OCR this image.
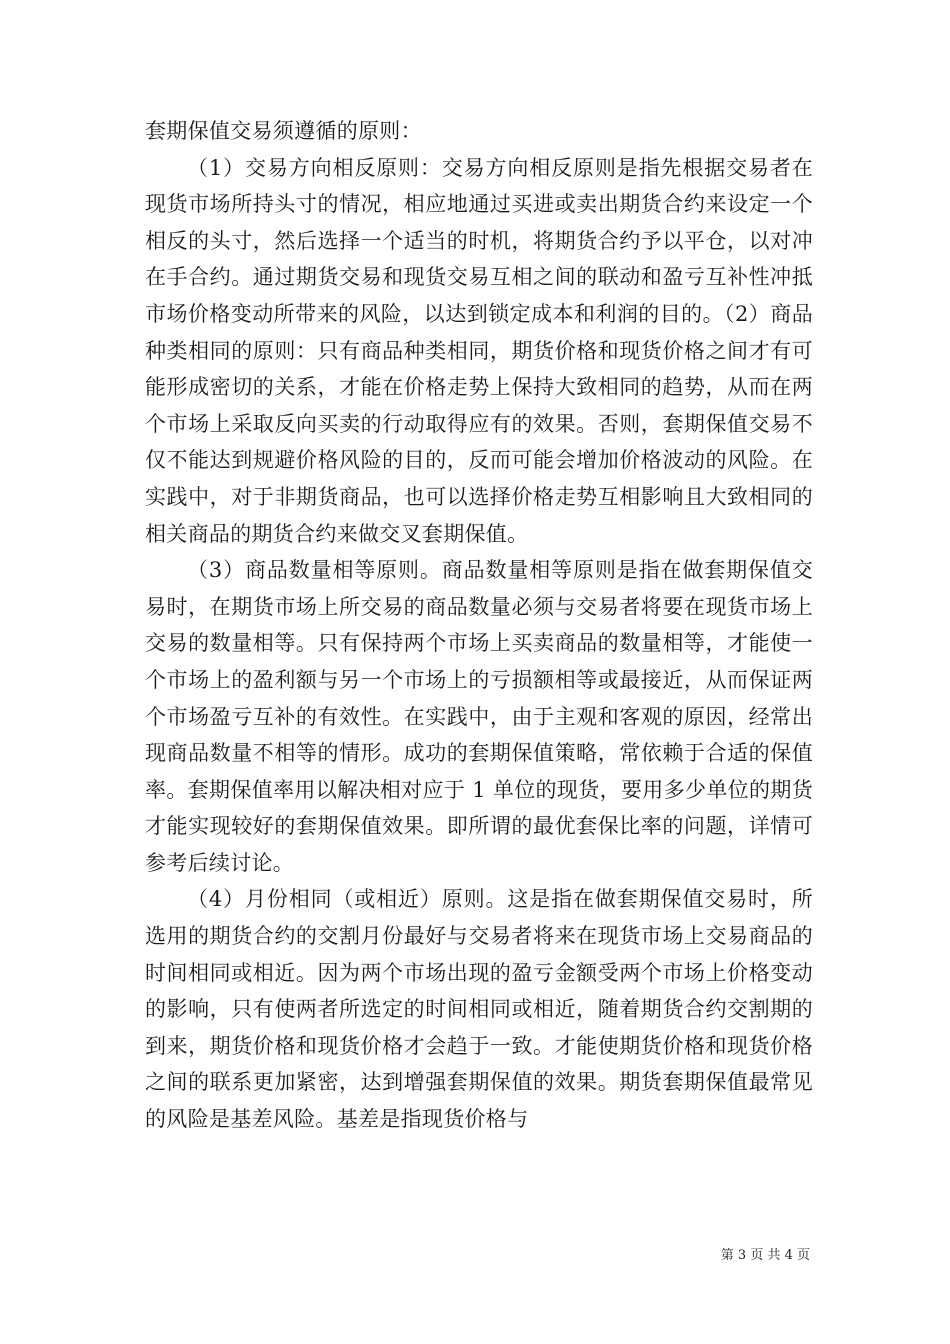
套期保值交易须遵循的原则：

（1）交易方向相反原则：交易方向相反原则是指先根据交易者在现货市场所持头寸的情况，相应地通过买进或卖出期货合约来设定一个相反的头寸，然后选择一个适当的时机，将期货合约予以平仓，以对冲在手合约。通过期货交易和现货交易互相之间的联动和盈亏互补性冲抵市场价格变动所带来的风险，以达到锁定成本和利润的目的。（2）商品种类相同的原则：只有商品种类相同，期货价格和现货价格之间才有可能形成密切的关系，才能在价格走势上保持大致相同的趋势，从而在两个市场上采取反向买卖的行动取得应有的效果。否则，套期保值交易不仅不能达到规避价格风险的目的，反而可能会增加价格波动的风险。在实践中，对于非期货商品，也可以选择价格走势互相影响且大致相同的相关商品的期货合约来做交叉套期保值。

（3）商品数量相等原则。商品数量相等原则是指在做套期保值交易时，在期货市场上所交易的商品数量必须与交易者将要在现货市场上交易的数量相等。只有保持两个市场上买卖商品的数量相等，才能使一个市场上的盈利额与另一个市场上的亏损额相等或最接近，从而保证两个市场盈亏互补的有效性。在实践中，由于主观和客观的原因，经常出现商品数量不相等的情形。成功的套期保值策略，常依赖于合适的保值率。套期保值率用以解决相对应于 1 单位的现货，要用多少单位的期货才能实现较好的套期保值效果。即所谓的最优套保比率的问题，详情可参考后续讨论。

（4）月份相同（或相近）原则。这是指在做套期保值交易时，所选用的期货合约的交割月份最好与交易者将来在现货市场上交易商品的时间相同或相近。因为两个市场出现的盈亏金额受两个市场上价格变动的影响，只有使两者所选定的时间相同或相近，随着期货合约交割期的到来，期货价格和现货价格才会趋于一致。才能使期货价格和现货价格之间的联系更加紧密，达到增强套期保值的效果。期货套期保值最常见的风险是基差风险。基差是指现货价格与

第 3 页 共 4 页
